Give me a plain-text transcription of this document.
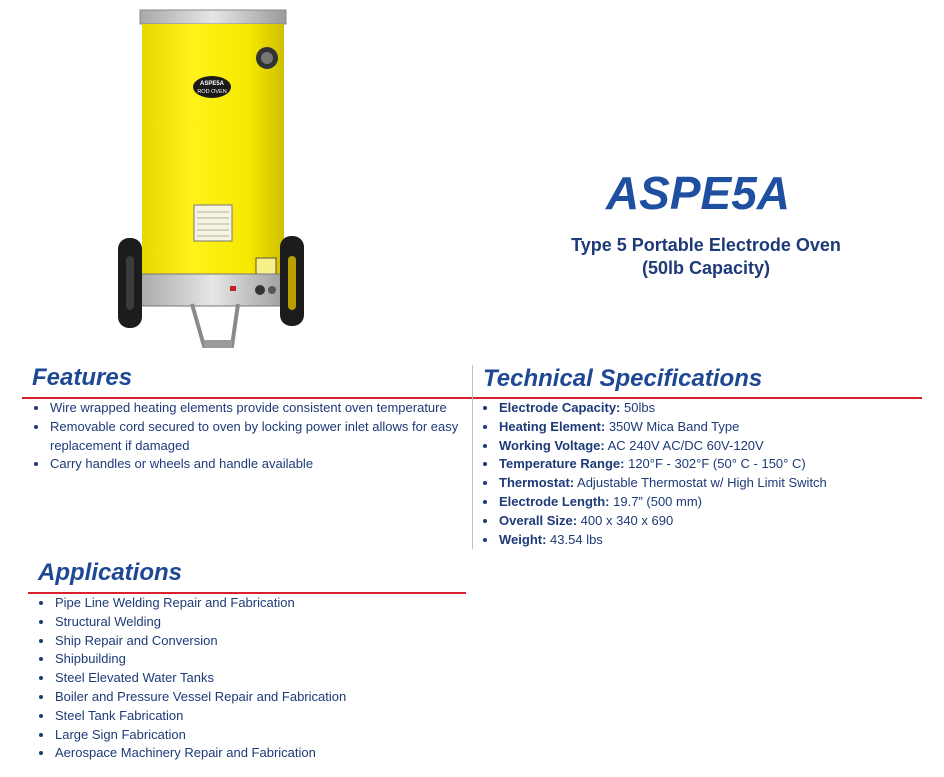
ASPE5A
ROD OVEN
ASPE5A
Type 5 Portable Electrode Oven
(50lb Capacity)
Features	Technical Specifications
Wire wrapped heating elements provide consistent oven temperature
Removable cord secured to oven by locking power inlet allows for easy replacement if damaged
Carry handles or wheels and handle available
Electrode Capacity: 50lbs
Heating Element: 350W Mica Band Type
Working Voltage: AC 240V AC/DC 60V-120V
Temperature Range: 120°F - 302°F (50° C - 150° C)
Thermostat: Adjustable Thermostat w/ High Limit Switch
Electrode Length: 19.7” (500 mm)
Overall Size: 400 x 340 x 690
Weight: 43.54 lbs
Applications
Pipe Line Welding Repair and Fabrication
Structural Welding
Ship Repair and Conversion
Shipbuilding
Steel Elevated Water Tanks
Boiler and Pressure Vessel Repair and Fabrication
Steel Tank Fabrication
Large Sign Fabrication
Aerospace Machinery Repair and Fabrication
